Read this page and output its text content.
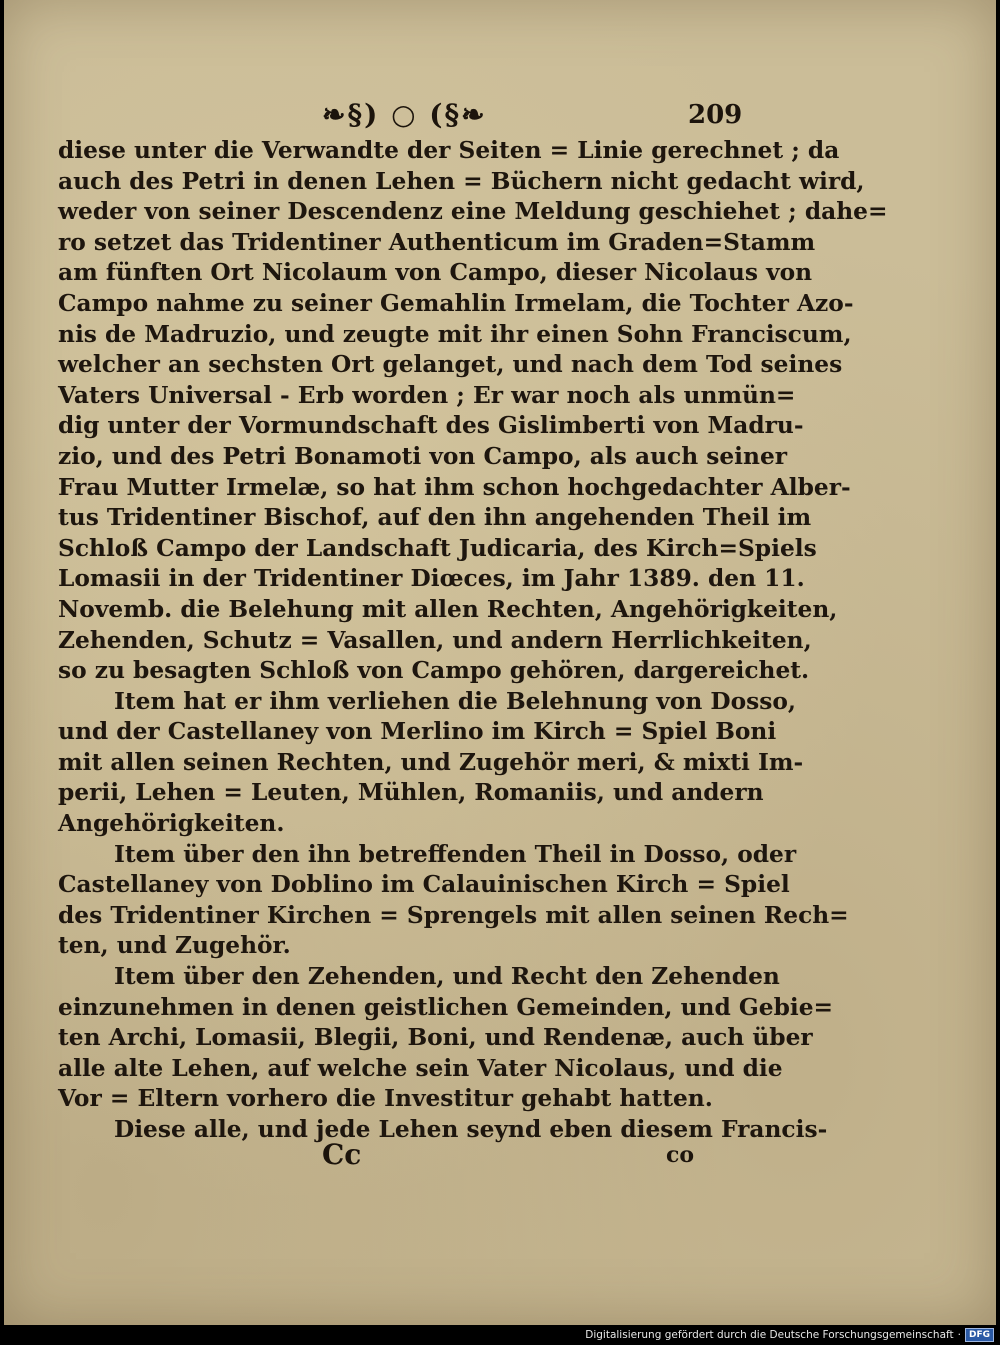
❧§) ○ (§❧	209
diese unter die Verwandte der Seiten = Linie gerechnet ; da
auch des Petri in denen Lehen = Büchern nicht gedacht wird,
weder von seiner Descendenz eine Meldung geschiehet ; dahe=
ro setzet das Tridentiner Authenticum im Graden=Stamm
am fünften Ort Nicolaum von Campo, dieser Nicolaus von
Campo nahme zu seiner Gemahlin Irmelam, die Tochter Azo-
nis de Madruzio, und zeugte mit ihr einen Sohn Franciscum,
welcher an sechsten Ort gelanget, und nach dem Tod seines
Vaters Universal - Erb worden ; Er war noch als unmün=
dig unter der Vormundschaft des Gislimberti von Madru-
zio, und des Petri Bonamoti von Campo, als auch seiner
Frau Mutter Irmelæ, so hat ihm schon hochgedachter Alber-
tus Tridentiner Bischof, auf den ihn angehenden Theil im
Schloß Campo der Landschaft Judicaria, des Kirch=Spiels
Lomasii in der Tridentiner Diœces, im Jahr 1389. den 11.
Novemb. die Belehung mit allen Rechten, Angehörigkeiten,
Zehenden, Schutz = Vasallen, und andern Herrlichkeiten,
so zu besagten Schloß von Campo gehören, dargereichet.
Item hat er ihm verliehen die Belehnung von Dosso,
und der Castellaney von Merlino im Kirch = Spiel Boni
mit allen seinen Rechten, und Zugehör meri, & mixti Im-
perii, Lehen = Leuten, Mühlen, Romaniis, und andern
Angehörigkeiten.
Item über den ihn betreffenden Theil in Dosso, oder
Castellaney von Doblino im Calauinischen Kirch = Spiel
des Tridentiner Kirchen = Sprengels mit allen seinen Rech=
ten, und Zugehör.
Item über den Zehenden, und Recht den Zehenden
einzunehmen in denen geistlichen Gemeinden, und Gebie=
ten Archi, Lomasii, Blegii, Boni, und Rendenæ, auch über
alle alte Lehen, auf welche sein Vater Nicolaus, und die
Vor = Eltern vorhero die Investitur gehabt hatten.
Diese alle, und jede Lehen seynd eben diesem Francis-
Cc	co
Digitalisierung gefördert durch die Deutsche Forschungsgemeinschaft · DFG
